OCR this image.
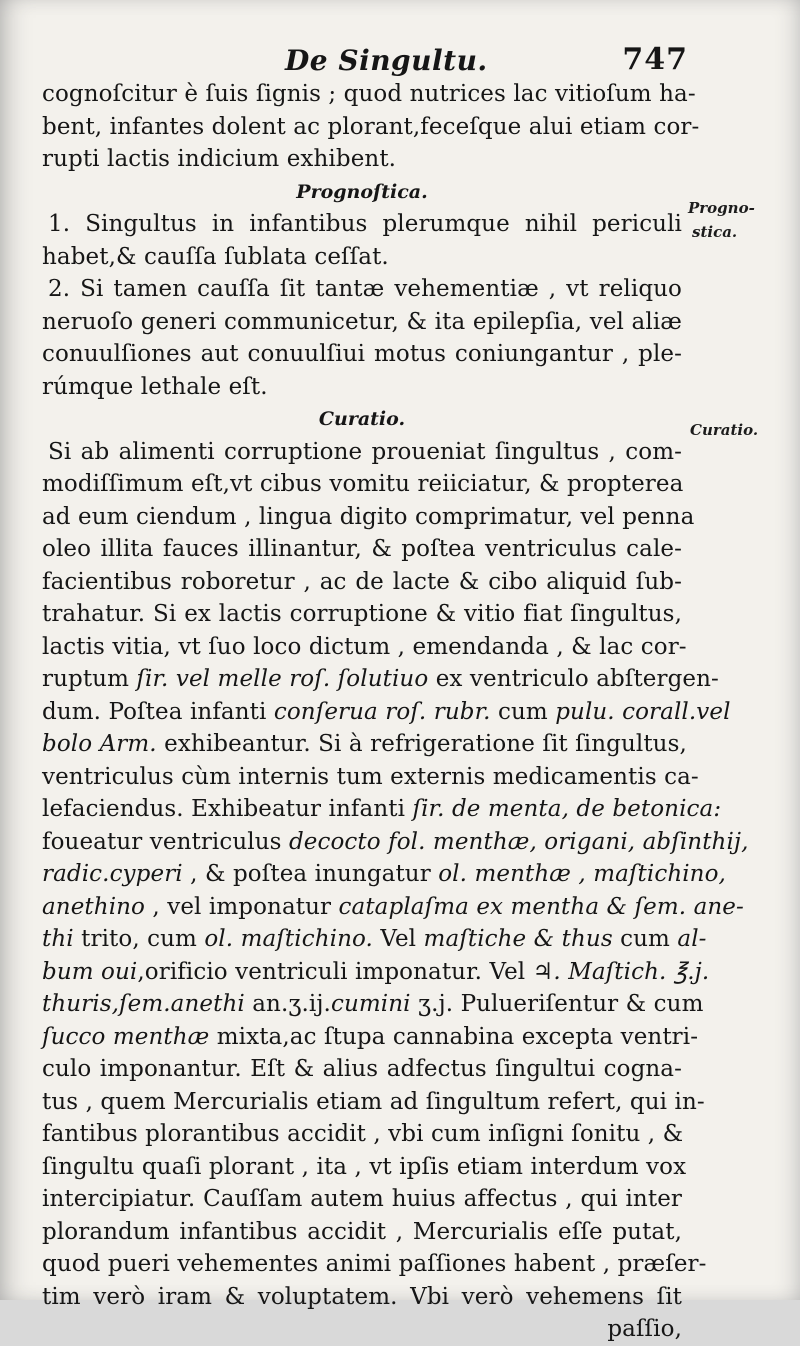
De Singultu.	747
Progno-
stica.
Curatio.
cognoſcitur è ſuis ſignis ; quod nutrices lac vitioſum ha-
bent, infantes dolent ac plorant,feceſque alui etiam cor-
rupti lactis indicium exhibent.
Prognoſtica.
1. Singultus in infantibus plerumque nihil periculi
habet,& cauſſa ſublata ceſſat.
2. Si tamen cauſſa ſit tantæ vehementiæ , vt reliquo
neruoſo generi communicetur, & ita epilepſia, vel aliæ
conuulſiones aut conuulſiui motus coniungantur , ple-
rúmque lethale eſt.
Curatio.
Si ab alimenti corruptione proueniat ſingultus , com-
modiſſimum eſt,vt cibus vomitu reiiciatur, & propterea
ad eum ciendum , lingua digito comprimatur, vel penna
oleo illita fauces illinantur, & poſtea ventriculus cale-
facientibus roboretur , ac de lacte & cibo aliquid ſub-
trahatur. Si ex lactis corruptione & vitio fiat ſingultus,
lactis vitia, vt ſuo loco dictum , emendanda , & lac cor-
ruptum ſir. vel melle roſ. ſolutiuo ex ventriculo abſtergen-
dum. Poſtea infanti conſerua roſ. rubr. cum pulu. corall.vel
bolo Arm. exhibeantur. Si à refrigeratione ſit ſingultus,
ventriculus cùm internis tum externis medicamentis ca-
lefaciendus. Exhibeatur infanti ſir. de menta, de betonica:
foueatur ventriculus decocto fol. menthæ, origani, abſinthij,
radic.cyperi , & poſtea inungatur ol. menthæ , maſtichino,
anethino , vel imponatur cataplaſma ex mentha & ſem. ane-
thi trito, cum ol. maſtichino. Vel maſtiche & thus cum al-
bum oui,orificio ventriculi imponatur. Vel ♃. Maſtich. ℥.j.
thuris,ſem.anethi an.ʒ.ij.cumini ʒ.j. Pulueriſentur & cum
ſucco menthæ mixta,ac ſtupa cannabina excepta ventri-
culo imponantur. Eſt & alius adfectus ſingultui cogna-
tus , quem Mercurialis etiam ad ſingultum refert, qui in-
fantibus plorantibus accidit , vbi cum inſigni ſonitu , &
ſingultu quaſi plorant , ita , vt ipſis etiam interdum vox
intercipiatur. Cauſſam autem huius affectus , qui inter
plorandum infantibus accidit , Mercurialis eſſe putat,
quod pueri vehementes animi paſſiones habent , præſer-
tim verò iram & voluptatem. Vbi verò vehemens ſit
paſſio,
